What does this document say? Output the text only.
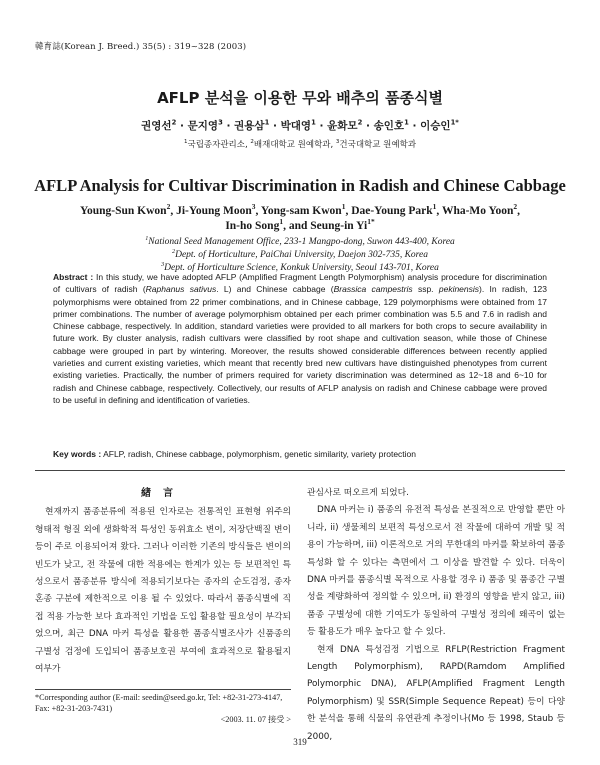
韓育誌(Korean J. Breed.) 35(5) : 319~328 (2003)
AFLP 분석을 이용한 무와 배추의 품종식별
권영선$^2$ · 문지영$^3$ · 권용삼$^1$ · 박대영$^1$ · 윤화모$^2$ · 송인호$^1$ · 이승인$^{1*}$
$^1$국립종자관리소, $^2$배재대학교 원예학과, $^3$건국대학교 원예학과
AFLP Analysis for Cultivar Discrimination in Radish and Chinese Cabbage
Young-Sun Kwon$^2$, Ji-Young Moon$^3$, Yong-sam Kwon$^1$, Dae-Young Park$^1$, Wha-Mo Yoon$^2$,
In-ho Song$^1$, and Seung-in $Yi^{1*}$
$^1$National Seed Management Office, 233-1 Mangpo-dong, Suwon 443-400, Korea
$^2$Dept. of Horticulture, PaiChai University, Daejon 302-735, Korea
$^3$Dept. of Horticulture Science, Konkuk University, Seoul 143-701, Korea
Abstract : In this study, we have adopted AFLP (Amplified Fragment Length Polymorphism) analysis procedure for discrimination of cultivars of radish (Raphanus sativus. L) and Chinese cabbage (Brassica campestris ssp. pekinensis). In radish, 123 polymorphisms were obtained from 22 primer combinations, and in Chinese cabbage, 129 polymorphisms were obtained from 17 primer combinations. The number of average polymorphism obtained per each primer combination was 5.5 and 7.6 in radish and Chinese cabbage, respectively. In addition, standard varieties were provided to all markers for both crops to secure availability in future work. By cluster analysis, radish cultivars were classified by root shape and cultivation season, while those of Chinese cabbage were grouped in part by wintering. Moreover, the results showed considerable differences between recently applied varieties and current existing varieties, which meant that recently bred new cultivars have distinguished phenotypes from current existing varieties. Practically, the number of primers required for variety discrimination was determined as 12~18 and 6~10 for radish and Chinese cabbage, respectively. Collectively, our results of AFLP analysis on radish and Chinese cabbage were proved to be useful in defining and identification of varieties.
Key words : AFLP, radish, Chinese cabbage, polymorphism, genetic similarity, variety protection
緖言

현재까지 품종분류에 적용된 인자로는 전통적인 표현형 위주의 형태적 형질 외에 생화학적 특성인 동위효소 변이, 저장단백질 변이 등이 주로 이용되어져 왔다. 그러나 이러한 기존의 방식들은 변이의 빈도가 낮고, 전 작물에 대한 적용에는 한계가 있는 등 보편적인 특성으로서 품종분류 방식에 적용되기보다는 종자의 순도검정, 종자 혼종 구분에 제한적으로 이용 될 수 있었다. 따라서 품종식별에 직접 적용 가능한 보다 효과적인 기법을 도입 활용할 필요성이 부각되었으며, 최근 DNA 마커 특성을 활용한 품종식별조사가 신품종의 구별성 검정에 도입되어 품종보호권 부여에 효과적으로 활용될지 여부가

관심사로 떠오르게 되었다.

DNA 마커는 i) 품종의 유전적 특성을 본질적으로 반영할 뿐만 아니라, ii) 생물체의 보편적 특성으로서 전 작물에 대하여 개발 및 적용이 가능하며, iii) 이론적으로 거의 무한대의 마커를 확보하여 품종 특성화 할 수 있다는 측면에서 그 이상을 발견할 수 있다. 더욱이 DNA 마커를 품종식별 목적으로 사용할 경우 i) 품종 및 품종간 구별성을 계량화하여 정의할 수 있으며, ii) 환경의 영향을 받지 않고, iii) 품종 구별성에 대한 기여도가 동일하여 구별성 정의에 왜곡이 없는 등 활용도가 매우 높다고 할 수 있다.

현재 DNA 특성검정 기법으로 RFLP(Restriction Fragment Length Polymorphism), RAPD(Ramdom Amplified Polymorphic DNA), AFLP(Amplified Fragment Length Polymorphism) 및 SSR(Simple Sequence Repeat) 등이 다양한 분석을 통해 식물의 유연관계 추정이나(Mo 등 1998, Staub 등 2000,

*Corresponding author (E-mail: seedin@seed.go.kr, Tel: +82-31-273-4147, Fax: +82-31-203-7431)
<2003. 11. 07 接受 >
319
